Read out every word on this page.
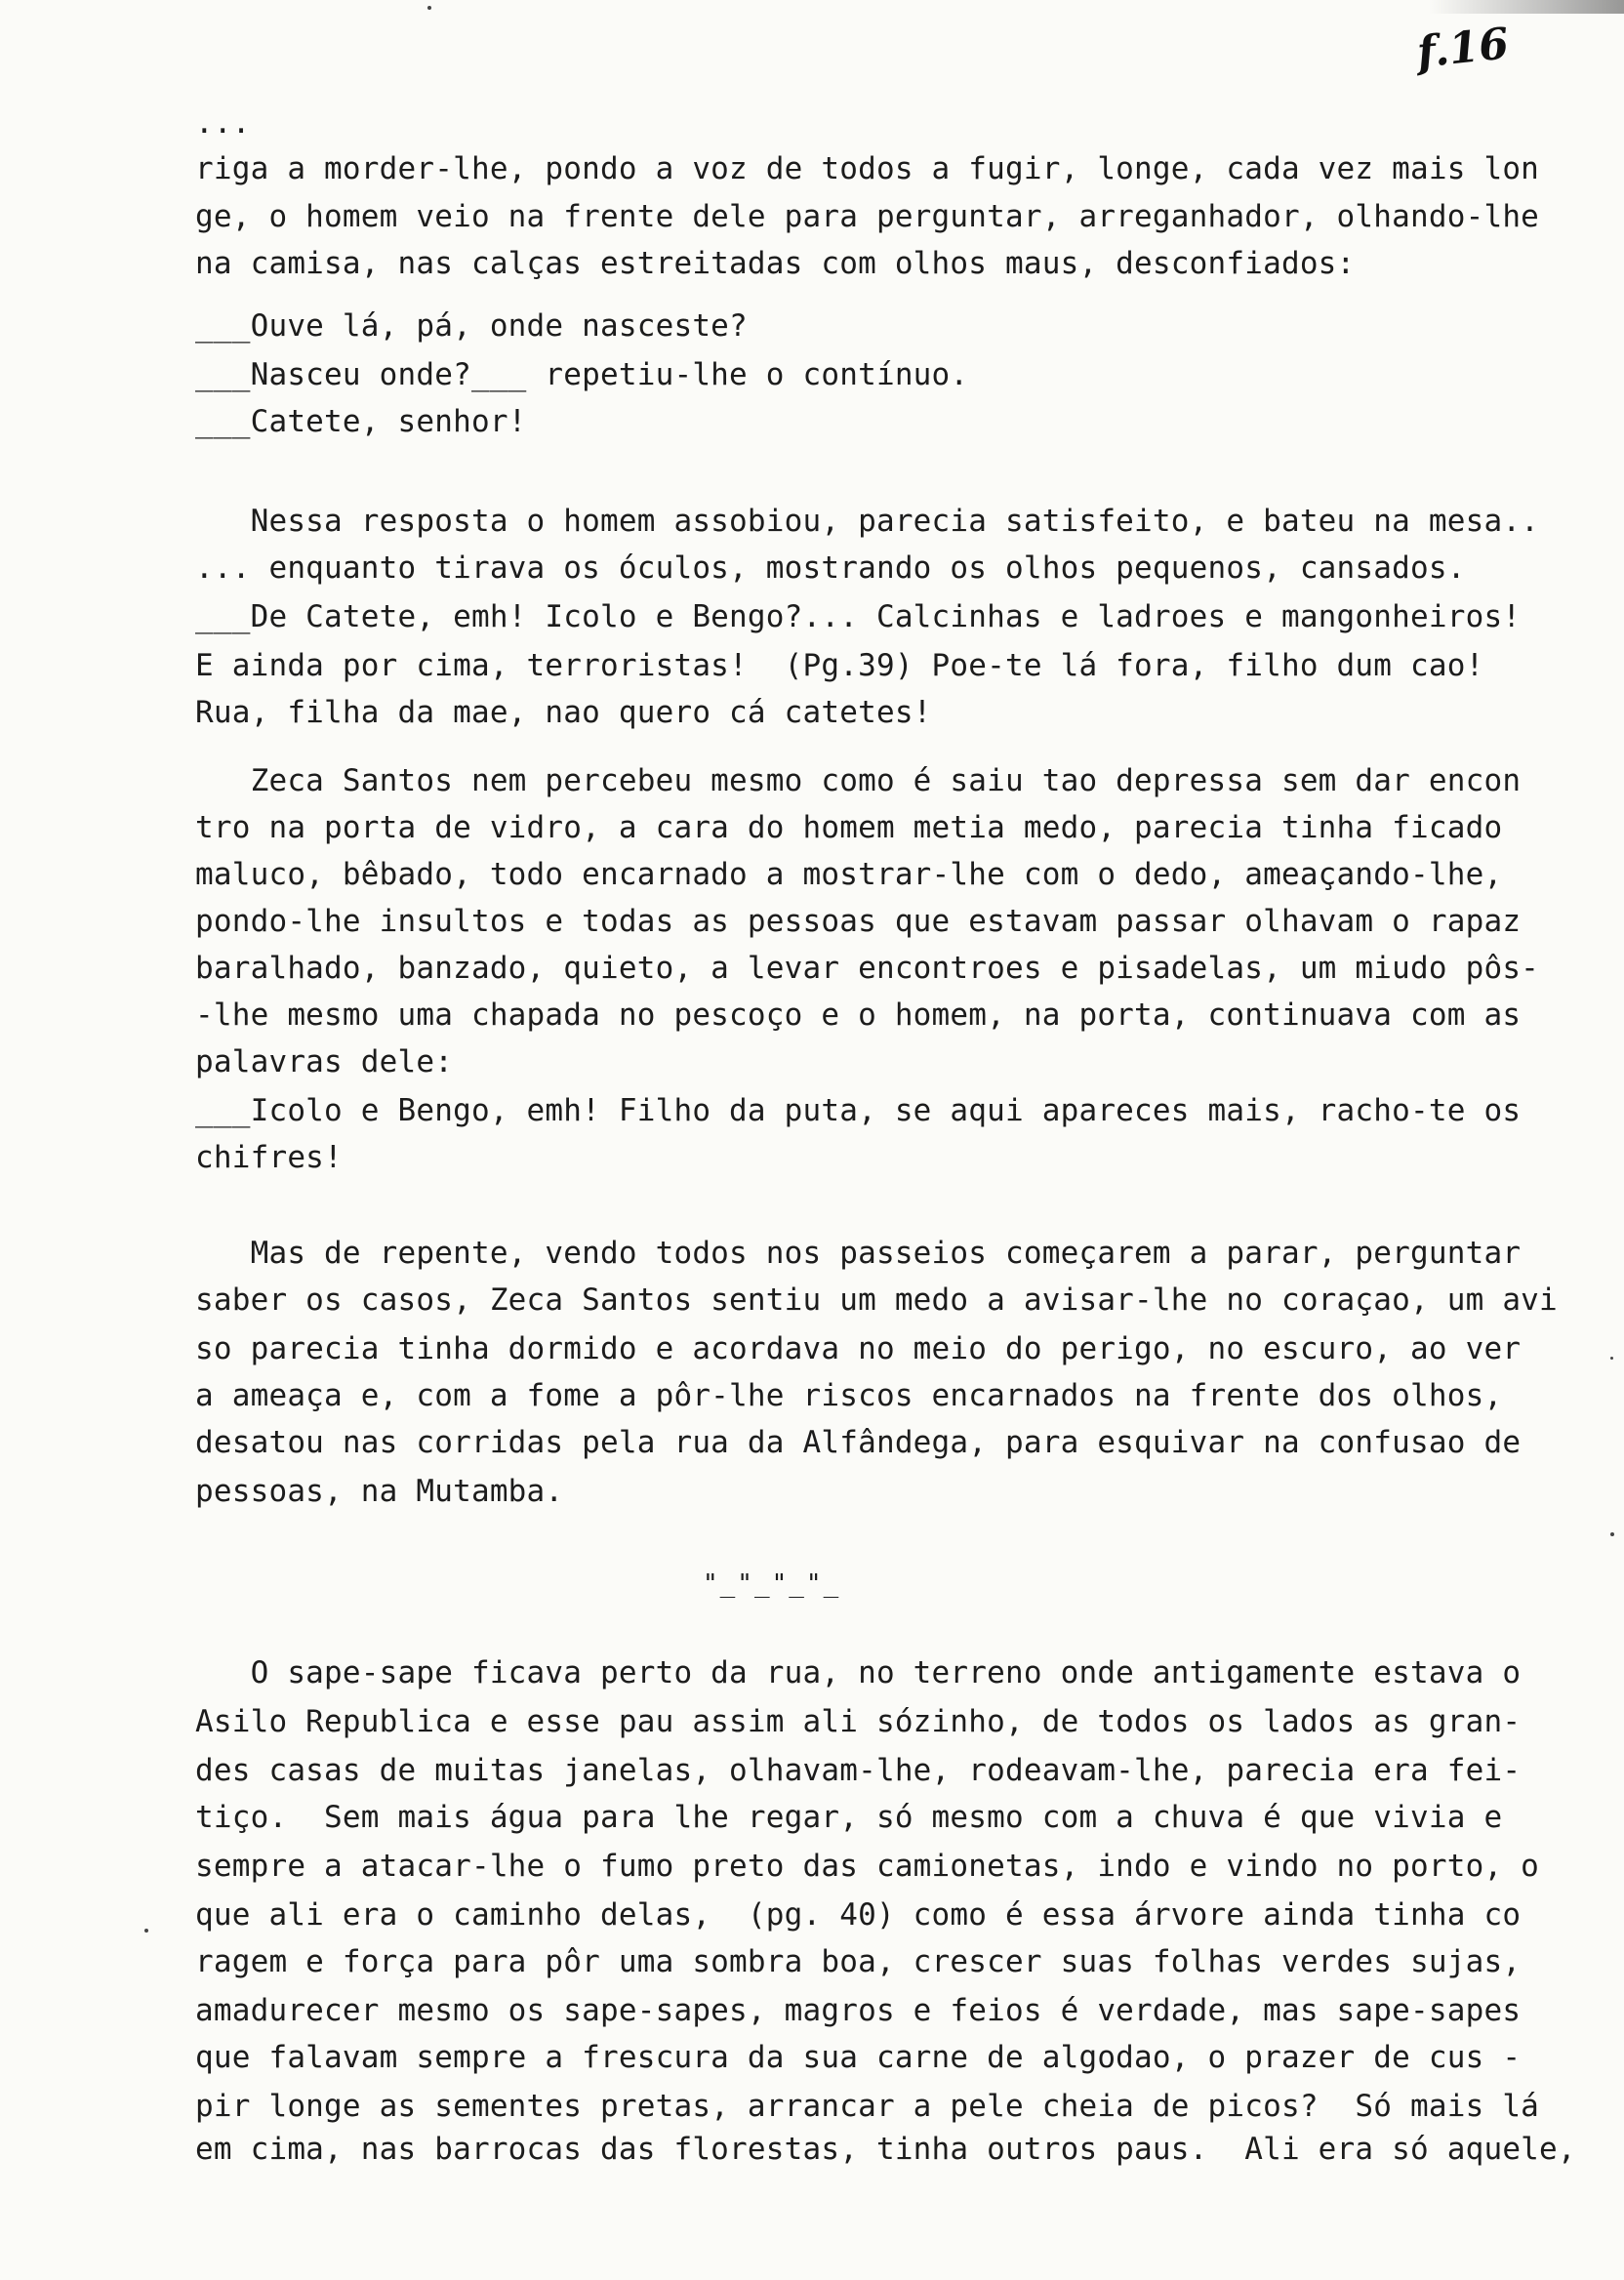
f.16
...
riga a morder-lhe, pondo a voz de todos a fugir, longe, cada vez mais lon
ge, o homem veio na frente dele para perguntar, arreganhador, olhando-lhe
na camisa, nas calças estreitadas com olhos maus, desconfiados:
___Ouve lá, pá, onde nasceste?
___Nasceu onde?___ repetiu-lhe o contínuo.
___Catete, senhor!
Nessa resposta o homem assobiou, parecia satisfeito, e bateu na mesa..
... enquanto tirava os óculos, mostrando os olhos pequenos, cansados.
___De Catete, emh! Icolo e Bengo?... Calcinhas e ladroes e mangonheiros!
E ainda por cima, terroristas!  (Pg.39) Poe-te lá fora, filho dum cao!
Rua, filha da mae, nao quero cá catetes!
Zeca Santos nem percebeu mesmo como é saiu tao depressa sem dar encon
tro na porta de vidro, a cara do homem metia medo, parecia tinha ficado
maluco, bêbado, todo encarnado a mostrar-lhe com o dedo, ameaçando-lhe,
pondo-lhe insultos e todas as pessoas que estavam passar olhavam o rapaz
baralhado, banzado, quieto, a levar encontroes e pisadelas, um miudo pôs-
-lhe mesmo uma chapada no pescoço e o homem, na porta, continuava com as
palavras dele:
___Icolo e Bengo, emh! Filho da puta, se aqui apareces mais, racho-te os
chifres!
Mas de repente, vendo todos nos passeios começarem a parar, perguntar
saber os casos, Zeca Santos sentiu um medo a avisar-lhe no coraçao, um avi
so parecia tinha dormido e acordava no meio do perigo, no escuro, ao ver
a ameaça e, com a fome a pôr-lhe riscos encarnados na frente dos olhos,
desatou nas corridas pela rua da Alfândega, para esquivar na confusao de
pessoas, na Mutamba.
"_"_"_"_
O sape-sape ficava perto da rua, no terreno onde antigamente estava o
Asilo Republica e esse pau assim ali sózinho, de todos os lados as gran-
des casas de muitas janelas, olhavam-lhe, rodeavam-lhe, parecia era fei-
tiço.  Sem mais água para lhe regar, só mesmo com a chuva é que vivia e
sempre a atacar-lhe o fumo preto das camionetas, indo e vindo no porto, o
que ali era o caminho delas,  (pg. 40) como é essa árvore ainda tinha co
ragem e força para pôr uma sombra boa, crescer suas folhas verdes sujas,
amadurecer mesmo os sape-sapes, magros e feios é verdade, mas sape-sapes
que falavam sempre a frescura da sua carne de algodao, o prazer de cus -
pir longe as sementes pretas, arrancar a pele cheia de picos?  Só mais lá
em cima, nas barrocas das florestas, tinha outros paus.  Ali era só aquele,
